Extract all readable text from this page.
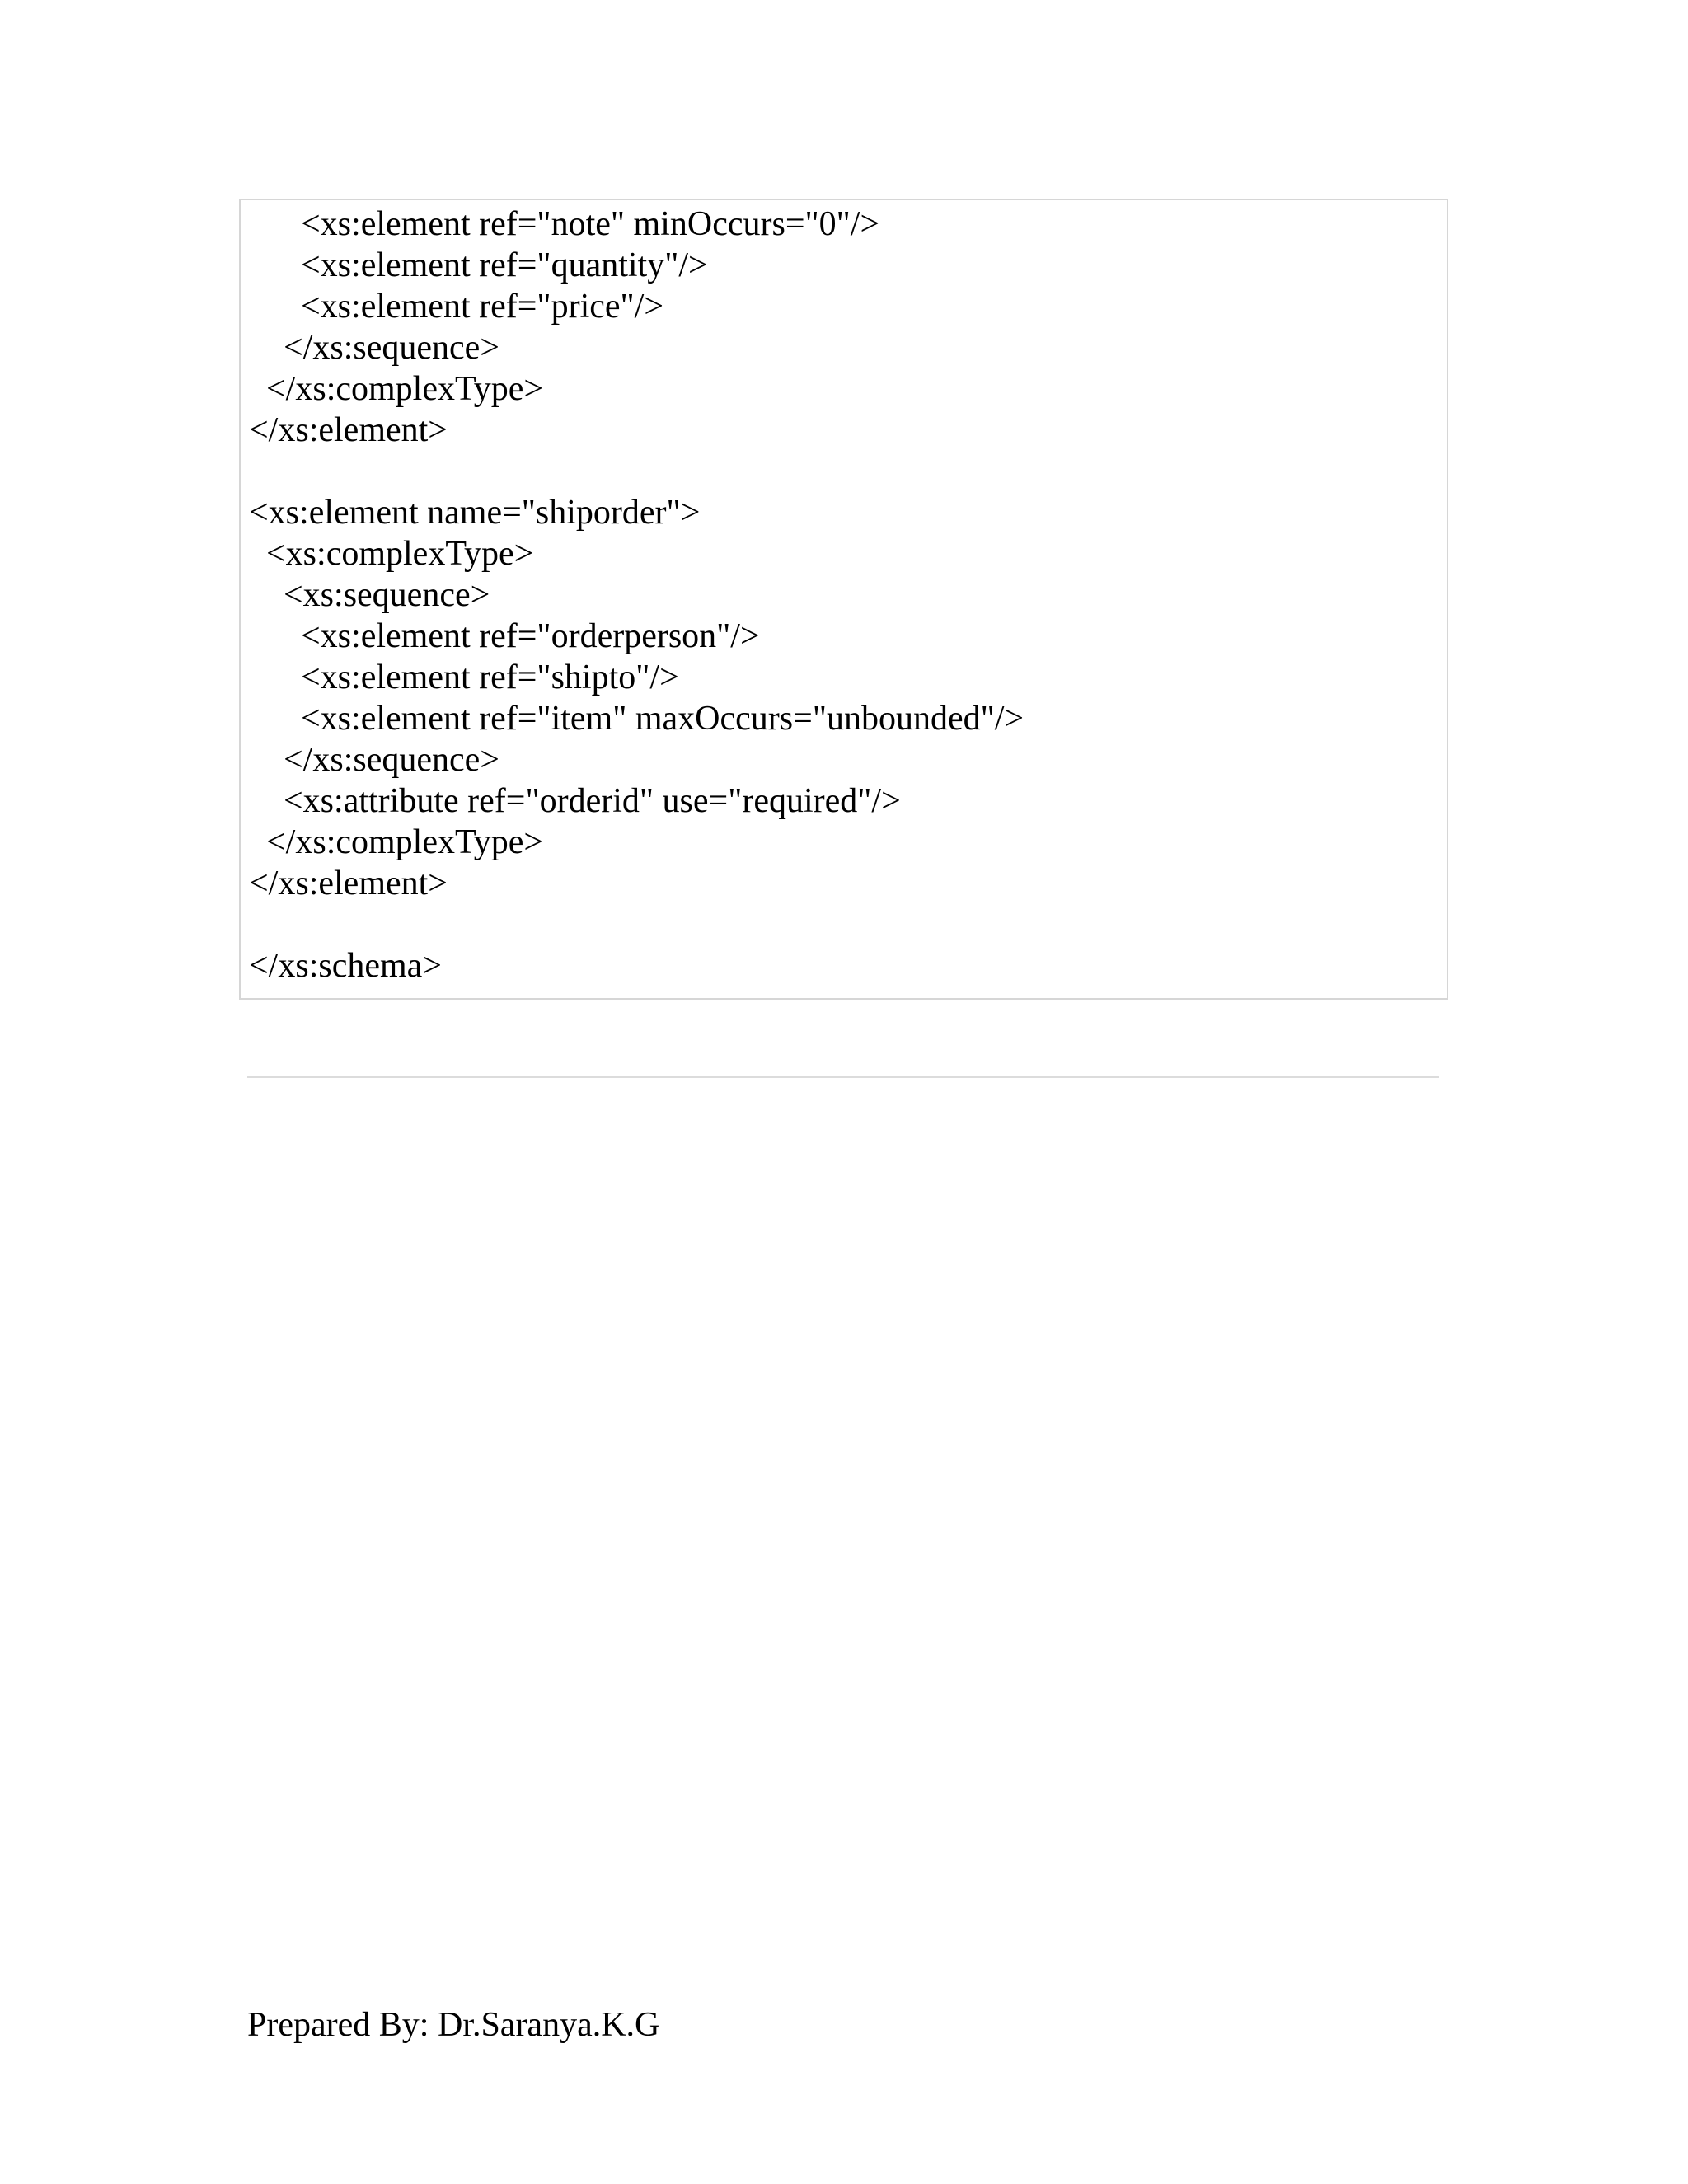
<xs:element ref="note" minOccurs="0"/>
<xs:element ref="quantity"/>
<xs:element ref="price"/>
</xs:sequence>
</xs:complexType>
</xs:element>
<xs:element name="shiporder">
<xs:complexType>
<xs:sequence>
<xs:element ref="orderperson"/>
<xs:element ref="shipto"/>
<xs:element ref="item" maxOccurs="unbounded"/>
</xs:sequence>
<xs:attribute ref="orderid" use="required"/>
</xs:complexType>
</xs:element>
</xs:schema>
Prepared By: Dr.Saranya.K.G
